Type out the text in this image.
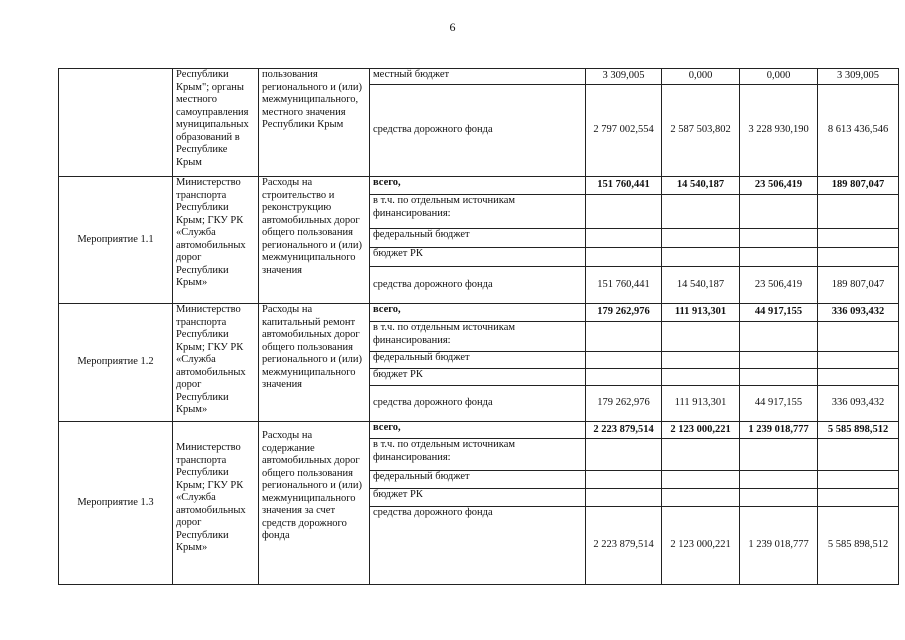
6
	Республики Крым"; органы местного самоуправления муниципальных образований в Республике Крым	пользования регионального и (или) межмуниципального, местного значения Республики Крым	местный бюджет	3 309,005	0,000	0,000	3 309,005
			средства дорожного фонда	2 797 002,554	2 587 503,802	3 228 930,190	8 613 436,546
Мероприятие 1.1	Министерство транспорта Республики Крым; ГКУ РК «Служба автомобильных дорог Республики Крым»	Расходы на строительство и реконструкцию автомобильных дорог общего пользования регионального и (или) межмуниципального значения	всего,	151 760,441	14 540,187	23 506,419	189 807,047
			в т.ч. по отдельным источникам финансирования:				
			федеральный бюджет				
			бюджет РК				
			средства дорожного фонда	151 760,441	14 540,187	23 506,419	189 807,047
Мероприятие 1.2	Министерство транспорта Республики Крым; ГКУ РК «Служба автомобильных дорог Республики Крым»	Расходы на капитальный ремонт автомобильных дорог общего пользования регионального и (или) межмуниципального значения	всего,	179 262,976	111 913,301	44 917,155	336 093,432
			в т.ч. по отдельным источникам финансирования:				
			федеральный бюджет				
			бюджет РК				
			средства дорожного фонда	179 262,976	111 913,301	44 917,155	336 093,432
Мероприятие 1.3	Министерство транспорта Республики Крым; ГКУ РК «Служба автомобильных дорог Республики Крым»	Расходы на содержание автомобильных дорог общего пользования регионального и (или) межмуниципального значения за счет средств дорожного фонда	всего,	2 223 879,514	2 123 000,221	1 239 018,777	5 585 898,512
			в т.ч. по отдельным источникам финансирования:				
			федеральный бюджет				
			бюджет РК				
			средства дорожного фонда	2 223 879,514	2 123 000,221	1 239 018,777	5 585 898,512
